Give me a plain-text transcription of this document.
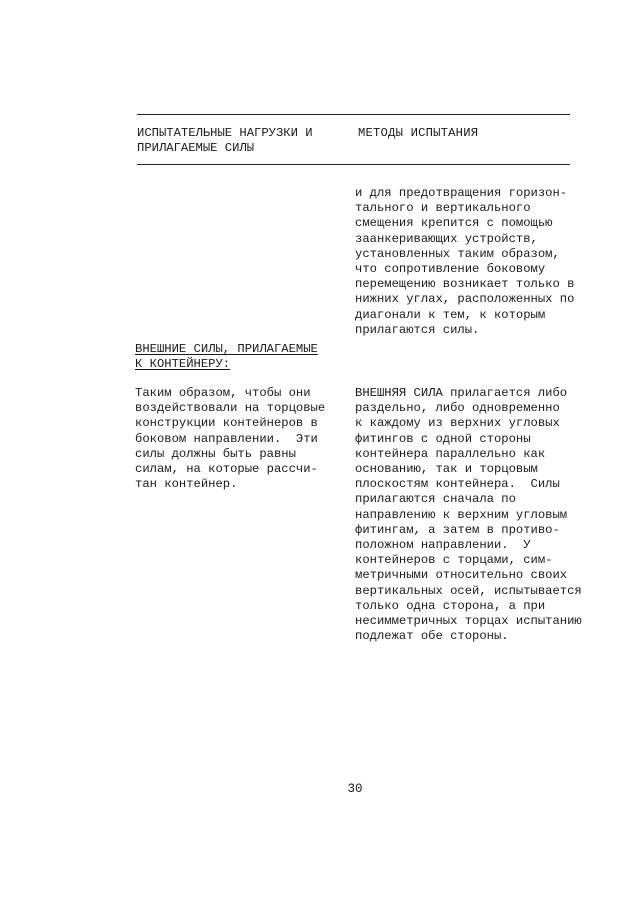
ИСПЫТАТЕЛЬНЫЕ НАГРУЗКИ И
ПРИЛАГАЕМЫЕ СИЛЫ
МЕТОДЫ ИСПЫТАНИЯ
и для предотвращения горизон-
тального и вертикального
смещения крепится с помощью
заанкеривающих устройств,
установленных таким образом,
что сопротивление боковому
перемещению возникает только в
нижних углах, расположенных по
диагонали к тем, к которым
прилагаются силы.
ВНЕШНИЕ СИЛЫ, ПРИЛАГАЕМЫЕ
К КОНТЕЙНЕРУ:
Таким образом, чтобы они
воздействовали на торцовые
конструкции контейнеров в
боковом направлении.  Эти
силы должны быть равны
силам, на которые рассчи-
тан контейнер.
ВНЕШНЯЯ СИЛА прилагается либо
раздельно, либо одновременно
к каждому из верхних угловых
фитингов с одной стороны
контейнера параллельно как
основанию, так и торцовым
плоскостям контейнера.  Силы
прилагаются сначала по
направлению к верхним угловым
фитингам, а затем в противо-
положном направлении.  У
контейнеров с торцами, сим-
метричными относительно своих
вертикальных осей, испытывается
только одна сторона, а при
несимметричных торцах испытанию
подлежат обе стороны.
30
